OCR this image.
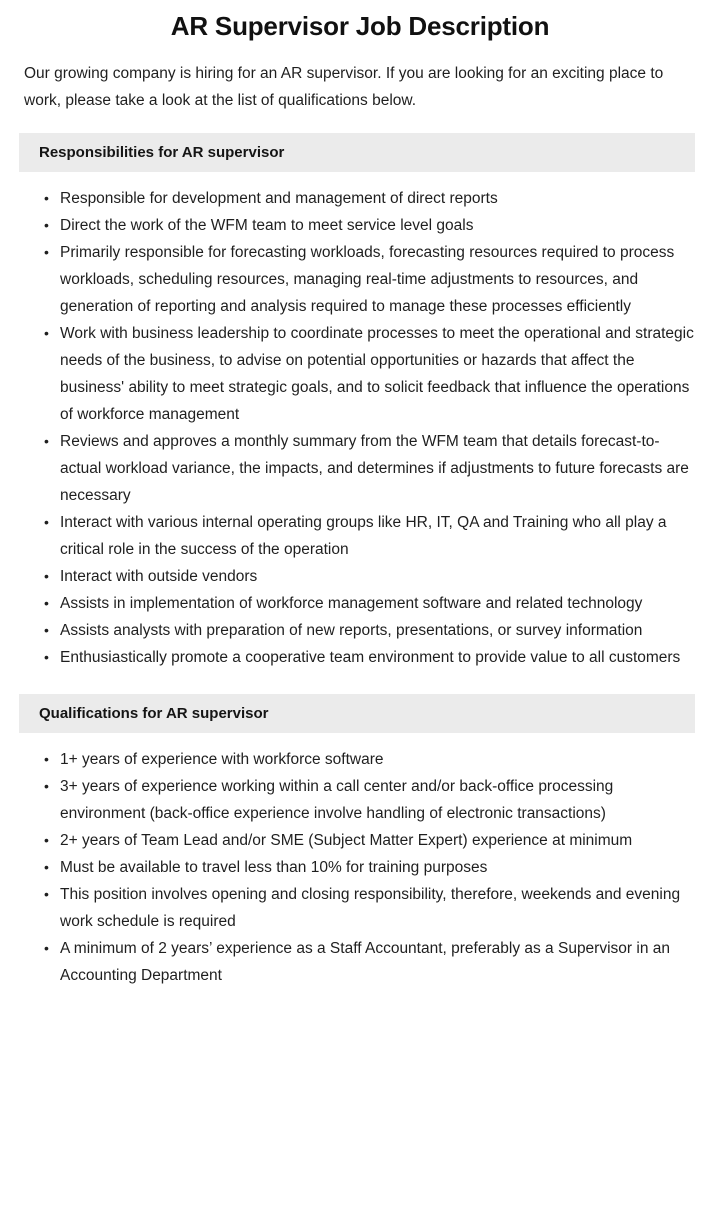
AR Supervisor Job Description

Our growing company is hiring for an AR supervisor. If you are looking for an exciting place to work, please take a look at the list of qualifications below.

Responsibilities for AR supervisor
• Responsible for development and management of direct reports
• Direct the work of the WFM team to meet service level goals
• Primarily responsible for forecasting workloads, forecasting resources required to process workloads, scheduling resources, managing real-time adjustments to resources, and generation of reporting and analysis required to manage these processes efficiently
• Work with business leadership to coordinate processes to meet the operational and strategic needs of the business, to advise on potential opportunities or hazards that affect the business' ability to meet strategic goals, and to solicit feedback that influence the operations of workforce management
• Reviews and approves a monthly summary from the WFM team that details forecast-to-actual workload variance, the impacts, and determines if adjustments to future forecasts are necessary
• Interact with various internal operating groups like HR, IT, QA and Training who all play a critical role in the success of the operation
• Interact with outside vendors
• Assists in implementation of workforce management software and related technology
• Assists analysts with preparation of new reports, presentations, or survey information
• Enthusiastically promote a cooperative team environment to provide value to all customers
Qualifications for AR supervisor
• 1+ years of experience with workforce software
• 3+ years of experience working within a call center and/or back-office processing environment (back-office experience involve handling of electronic transactions)
• 2+ years of Team Lead and/or SME (Subject Matter Expert) experience at minimum
• Must be available to travel less than 10% for training purposes
• This position involves opening and closing responsibility, therefore, weekends and evening work schedule is required
• A minimum of 2 years’ experience as a Staff Accountant, preferably as a Supervisor in an Accounting Department
